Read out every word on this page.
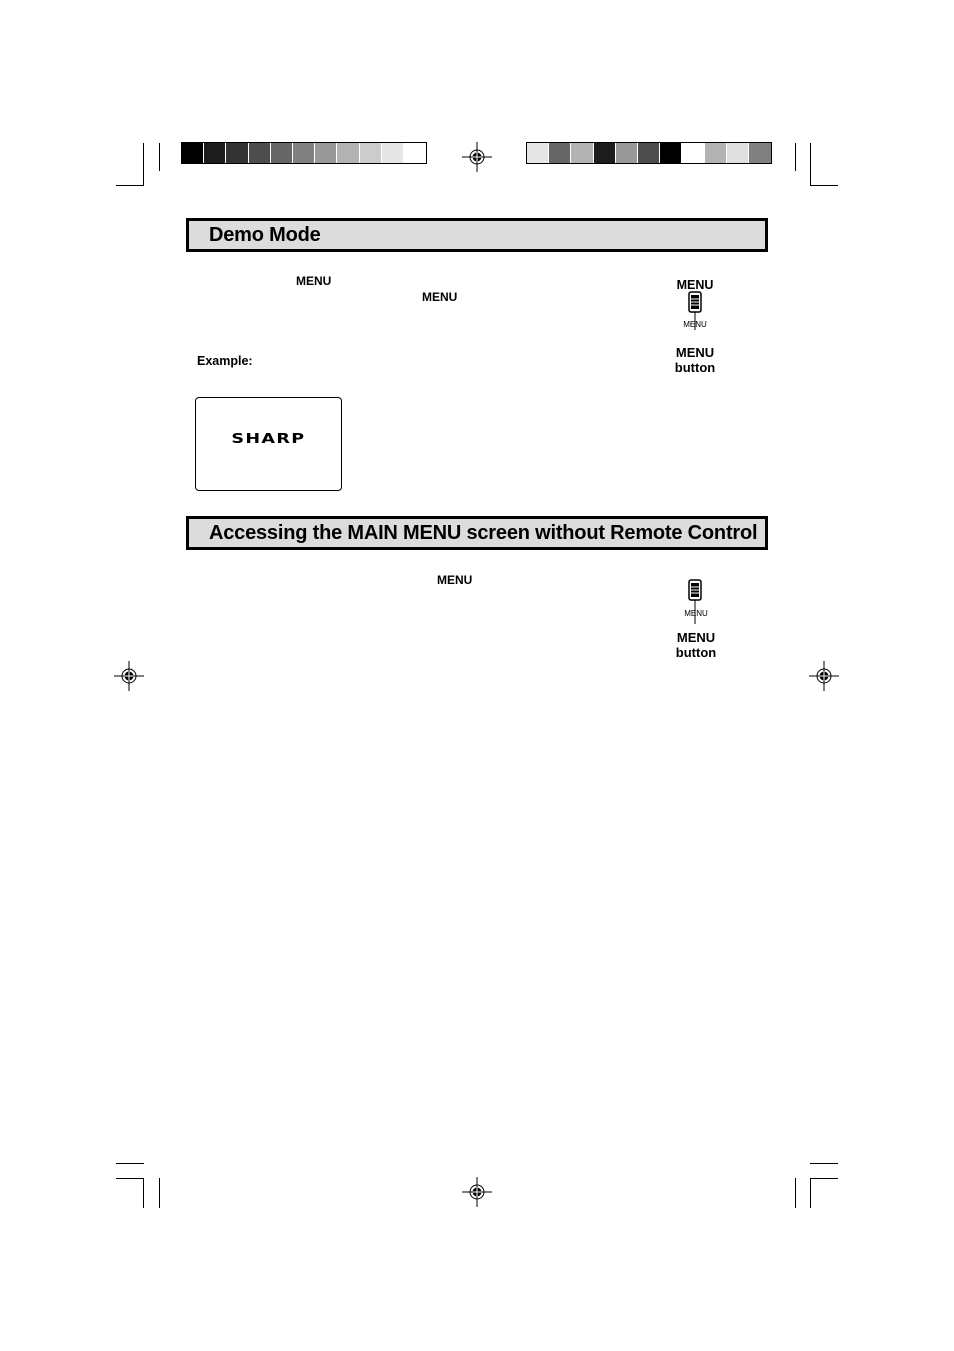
Demo Mode
MENU
MENU
Example:
SHARP
MENU
MENU
MENU
button
Accessing the MAIN MENU screen without Remote Control
MENU
MENU
MENU
button
